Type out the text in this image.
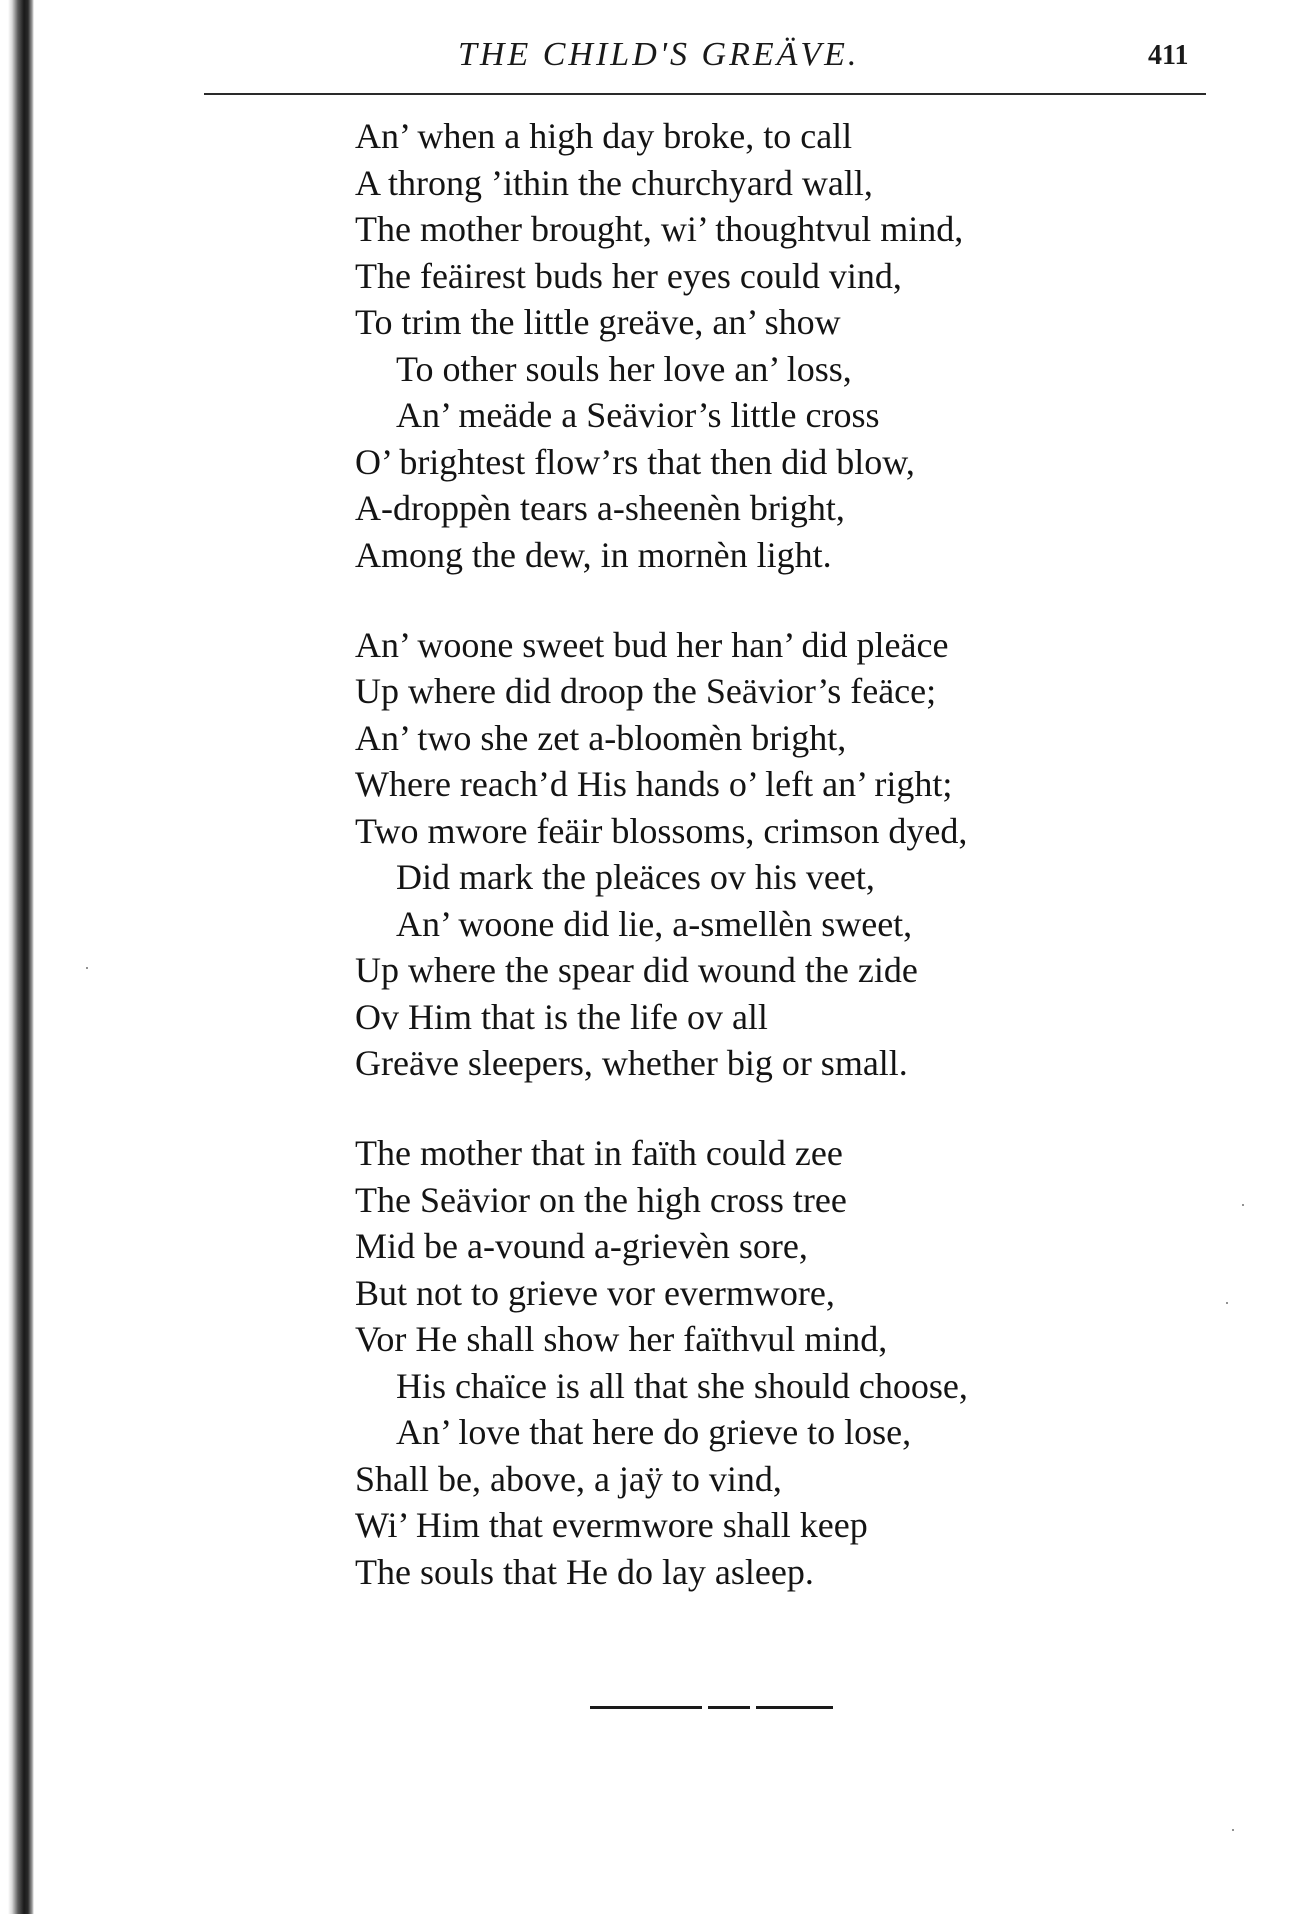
THE CHILD'S GREÄVE.	411
An’ when a high day broke, to call
A throng ’ithin the churchyard wall,
The mother brought, wi’ thoughtvul mind,
The feäirest buds her eyes could vind,
To trim the little greäve, an’ show
To other souls her love an’ loss,
An’ meäde a Seävior’s little cross
O’ brightest flow’rs that then did blow,
A-droppèn tears a-sheenèn bright,
Among the dew, in mornèn light.
An’ woone sweet bud her han’ did pleäce
Up where did droop the Seävior’s feäce;
An’ two she zet a-bloomèn bright,
Where reach’d His hands o’ left an’ right;
Two mwore feäir blossoms, crimson dyed,
Did mark the pleäces ov his veet,
An’ woone did lie, a-smellèn sweet,
Up where the spear did wound the zide
Ov Him that is the life ov all
Greäve sleepers, whether big or small.
The mother that in faïth could zee
The Seävior on the high cross tree
Mid be a-vound a-grievèn sore,
But not to grieve vor evermwore,
Vor He shall show her faïthvul mind,
His chaïce is all that she should choose,
An’ love that here do grieve to lose,
Shall be, above, a jaÿ to vind,
Wi’ Him that evermwore shall keep
The souls that He do lay asleep.
